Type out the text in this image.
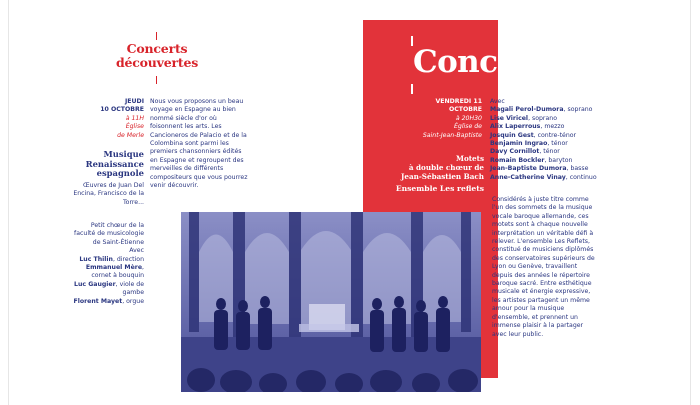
Concerts
découvertes
JEUDI
10 OCTOBRE
à 11H
Église
de Merle
Nous vous proposons un beau voyage en Espagne au bien nommé siècle d'or où foisonnent les arts. Les Cancioneros de Palacio et de la Colombina sont parmi les premiers chansonniers édités en Espagne et regroupent des merveilles de différents compositeurs que vous pourrez venir découvrir.
Musique
Renaissance
espagnole
Œuvres de Juan Del Encina, Francisco de la Torre...
Petit chœur de la faculté de musicologie de Saint-Étienne
Avec
Luc Thilin, direction
Emmanuel Mère, cornet à bouquin
Luc Gaugier, viole de gambe
Florent Mayet, orgue
Concerts
VENDREDI 11
OCTOBRE
à 20H30
Église de
Saint-Jean-Baptiste
Motets
à double chœur de
Jean-Sébastien Bach
Ensemble Les reflets
Avec
Magali Perol-Dumora, soprano
Lise Viricel, soprano
Alix Laperrous, mezzo
Josquin Gest, contre-ténor
Benjamin Ingrao, ténor
Davy Cornillot, ténor
Romain Bockler, baryton
Jean-Baptiste Dumora, basse
Anne-Catherine Vinay, continuo
Considérés à juste titre comme l'un des sommets de la musique vocale baroque allemande, ces motets sont à chaque nouvelle interprétation un véritable défi à relever. L'ensemble Les Reflets, constitué de musiciens diplômés des conservatoires supérieurs de Lyon ou Genève, travaillent depuis des années le répertoire baroque sacré. Entre esthétique musicale et énergie expressive, les artistes partagent un même amour pour la musique d'ensemble, et prennent un immense plaisir à la partager avec leur public.
